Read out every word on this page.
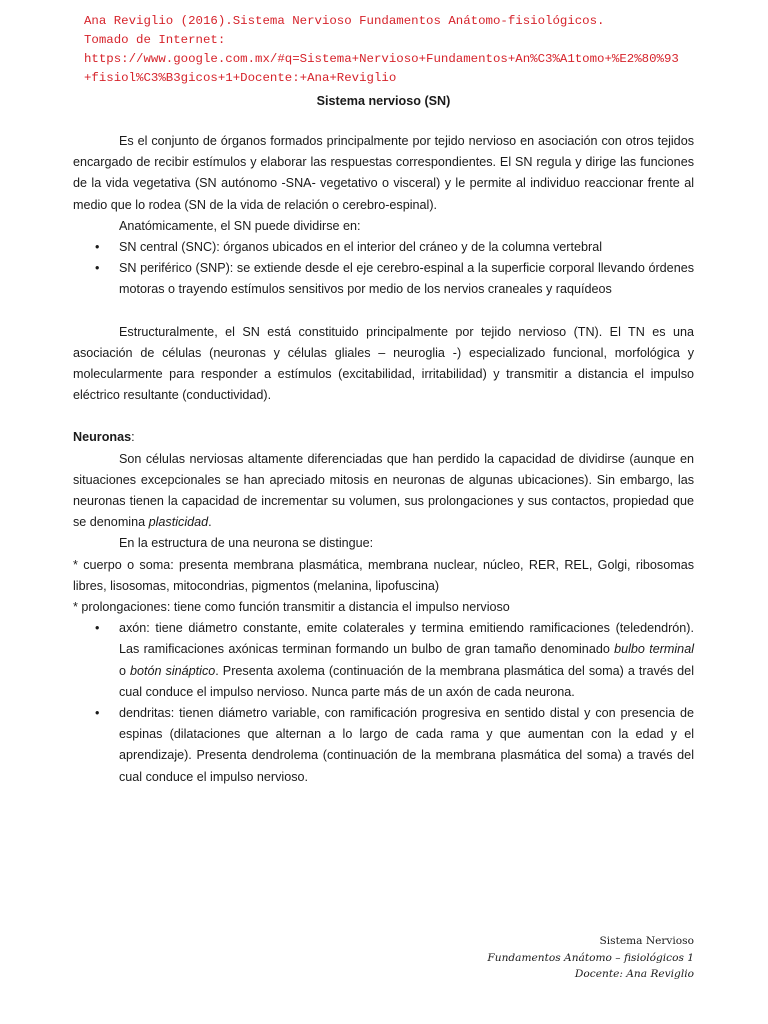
Ana Reviglio (2016).Sistema Nervioso Fundamentos Anátomo-fisiológicos.
Tomado de Internet:
https://www.google.com.mx/#q=Sistema+Nervioso+Fundamentos+An%C3%A1tomo+%E2%80%93
+fisiol%C3%B3gicos+1+Docente:+Ana+Reviglio
Sistema nervioso (SN)

Es el conjunto de órganos formados principalmente por tejido nervioso en asociación con otros tejidos encargado de recibir estímulos y elaborar las respuestas correspondientes. El SN regula y dirige las funciones de la vida vegetativa (SN autónomo -SNA- vegetativo o visceral) y le permite al individuo reaccionar frente al medio que lo rodea (SN de la vida de relación o cerebro-espinal).

Anatómicamente, el SN puede dividirse en:

• SN central (SNC): órganos ubicados en el interior del cráneo y de la columna vertebral
• SN periférico (SNP): se extiende desde el eje cerebro-espinal a la superficie corporal llevando órdenes motoras o trayendo estímulos sensitivos por medio de los nervios craneales y raquídeos

Estructuralmente, el SN está constituido principalmente por tejido nervioso (TN). El TN es una asociación de células (neuronas y células gliales – neuroglia -) especializado funcional, morfológica y molecularmente para responder a estímulos (excitabilidad, irritabilidad) y transmitir a distancia el impulso eléctrico resultante (conductividad).

Neuronas:

Son células nerviosas altamente diferenciadas que han perdido la capacidad de dividirse (aunque en situaciones excepcionales se han apreciado mitosis en neuronas de algunas ubicaciones). Sin embargo, las neuronas tienen la capacidad de incrementar su volumen, sus prolongaciones y sus contactos, propiedad que se denomina plasticidad.

En la estructura de una neurona se distingue:

* cuerpo o soma: presenta membrana plasmática, membrana nuclear, núcleo, RER, REL, Golgi, ribosomas libres, lisosomas, mitocondrias, pigmentos (melanina, lipofuscina)

* prolongaciones: tiene como función transmitir a distancia el impulso nervioso

• axón: tiene diámetro constante, emite colaterales y termina emitiendo ramificaciones (teledendrón). Las ramificaciones axónicas terminan formando un bulbo de gran tamaño denominado bulbo terminal o botón sináptico. Presenta axolema (continuación de la membrana plasmática del soma) a través del cual conduce el impulso nervioso. Nunca parte más de un axón de cada neurona.
• dendritas: tienen diámetro variable, con ramificación progresiva en sentido distal y con presencia de espinas (dilataciones que alternan a lo largo de cada rama y que aumentan con la edad y el aprendizaje). Presenta dendrolema (continuación de la membrana plasmática del soma) a través del cual conduce el impulso nervioso.
Sistema Nervioso
Fundamentos Anátomo – fisiológicos 1
Docente: Ana Reviglio
